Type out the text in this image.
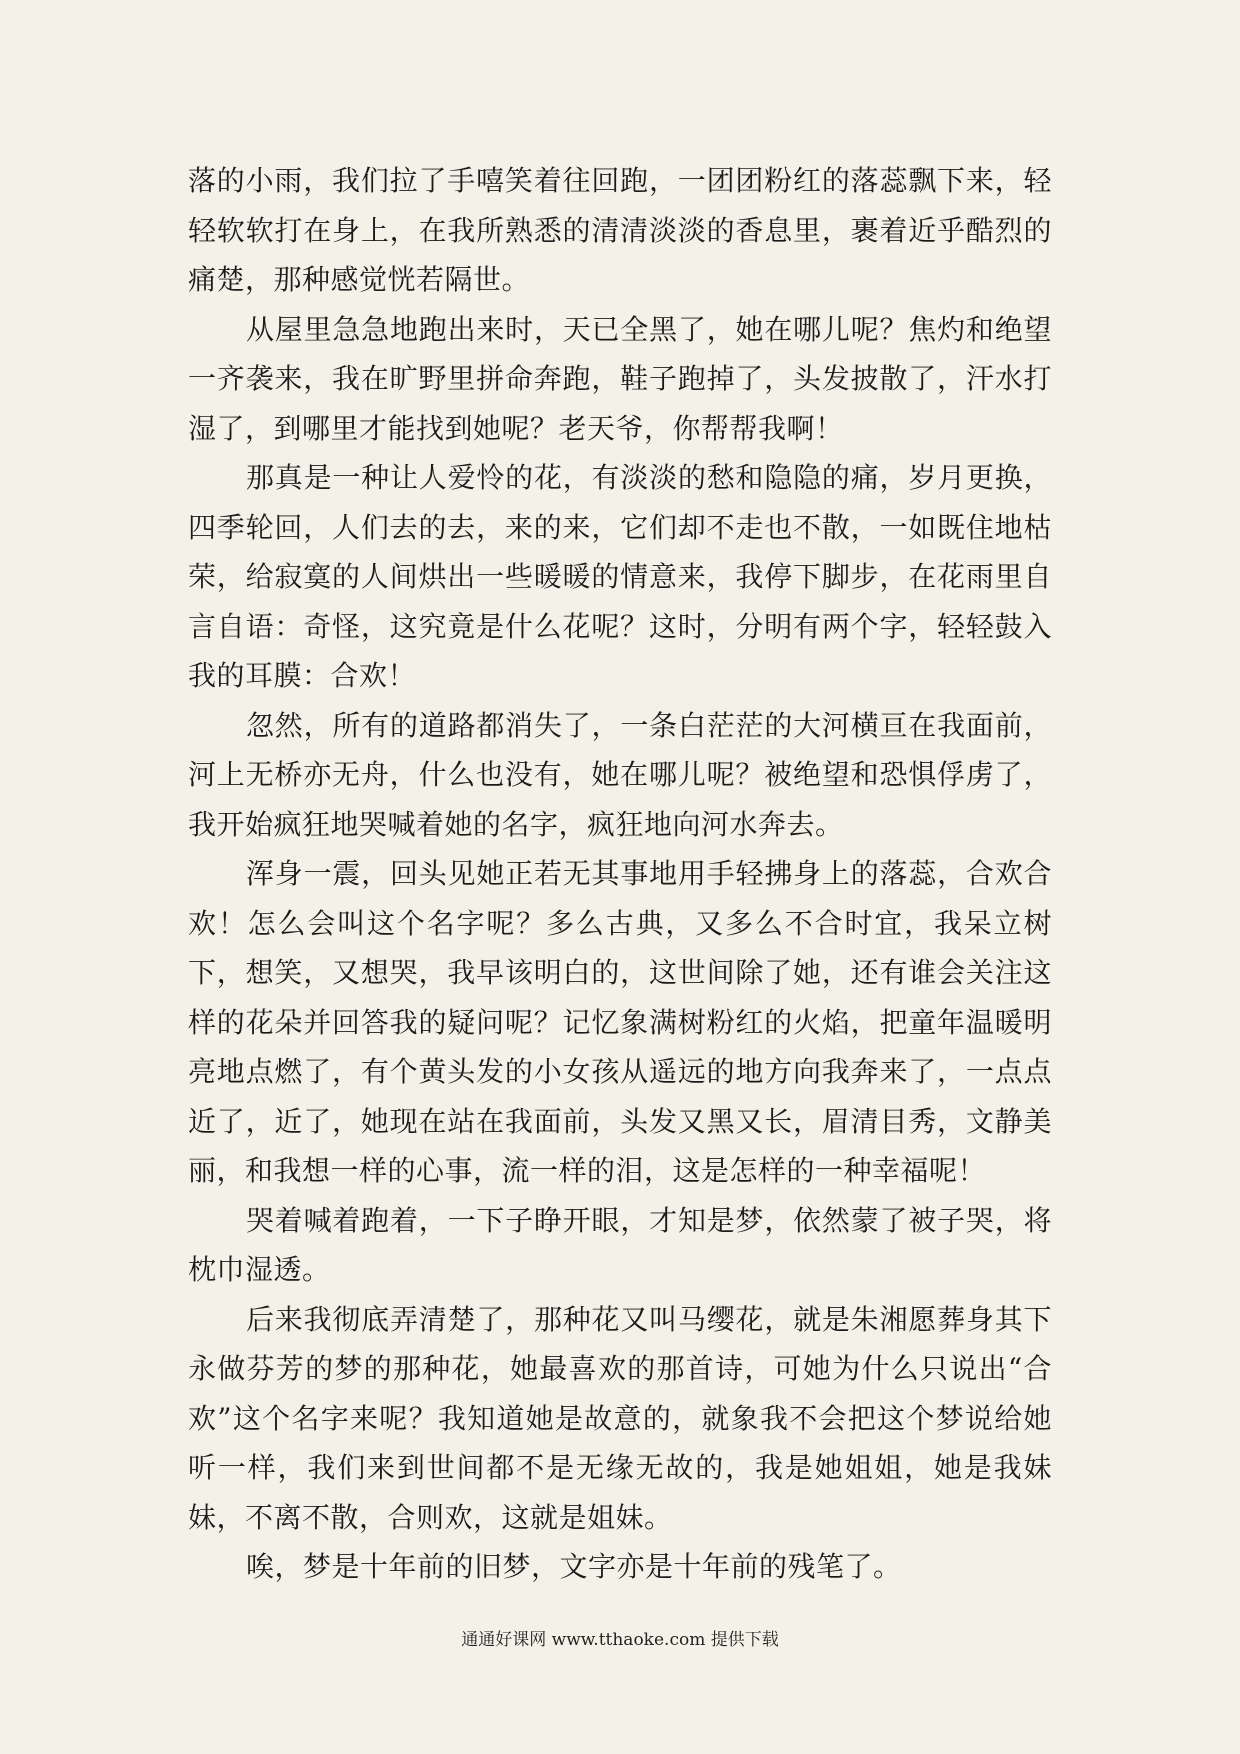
落的小雨，我们拉了手嘻笑着往回跑，一团团粉红的落蕊飘下来，轻轻软软打在身上，在我所熟悉的清清淡淡的香息里，裹着近乎酷烈的痛楚，那种感觉恍若隔世。

从屋里急急地跑出来时，天已全黑了，她在哪儿呢？焦灼和绝望一齐袭来，我在旷野里拼命奔跑，鞋子跑掉了，头发披散了，汗水打湿了，到哪里才能找到她呢？老天爷，你帮帮我啊！

那真是一种让人爱怜的花，有淡淡的愁和隐隐的痛，岁月更换，四季轮回，人们去的去，来的来，它们却不走也不散，一如既住地枯荣，给寂寞的人间烘出一些暖暖的情意来，我停下脚步，在花雨里自言自语：奇怪，这究竟是什么花呢？这时，分明有两个字，轻轻鼓入我的耳膜：合欢！

忽然，所有的道路都消失了，一条白茫茫的大河横亘在我面前，河上无桥亦无舟，什么也没有，她在哪儿呢？被绝望和恐惧俘虏了，我开始疯狂地哭喊着她的名字，疯狂地向河水奔去。

浑身一震，回头见她正若无其事地用手轻拂身上的落蕊，合欢合欢！怎么会叫这个名字呢？多么古典，又多么不合时宜，我呆立树下，想笑，又想哭，我早该明白的，这世间除了她，还有谁会关注这样的花朵并回答我的疑问呢？记忆象满树粉红的火焰，把童年温暖明亮地点燃了，有个黄头发的小女孩从遥远的地方向我奔来了，一点点近了，近了，她现在站在我面前，头发又黑又长，眉清目秀，文静美丽，和我想一样的心事，流一样的泪，这是怎样的一种幸福呢！

哭着喊着跑着，一下子睁开眼，才知是梦，依然蒙了被子哭，将枕巾湿透。

后来我彻底弄清楚了，那种花又叫马缨花，就是朱湘愿葬身其下永做芬芳的梦的那种花，她最喜欢的那首诗，可她为什么只说出“合欢”这个名字来呢？我知道她是故意的，就象我不会把这个梦说给她听一样，我们来到世间都不是无缘无故的，我是她姐姐，她是我妹妹，不离不散，合则欢，这就是姐妹。

唉，梦是十年前的旧梦，文字亦是十年前的残笔了。

通通好课网 www.tthaoke.com 提供下载
